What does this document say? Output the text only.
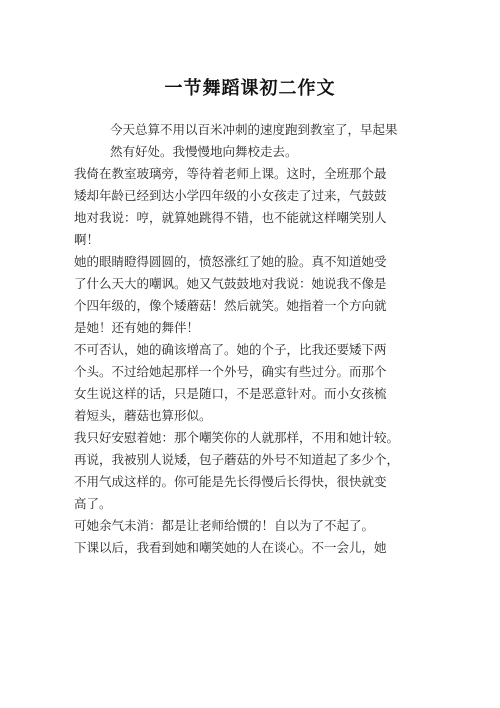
一节舞蹈课初二作文

今天总算不用以百米冲刺的速度跑到教室了，早起果
然有好处。我慢慢地向舞校走去。

我倚在教室玻璃旁，等待着老师上课。这时，全班那个最
矮却年龄已经到达小学四年级的小女孩走了过来，气鼓鼓
地对我说：哼，就算她跳得不错，也不能就这样嘲笑别人
啊！

她的眼睛瞪得圆圆的，愤怒涨红了她的脸。真不知道她受
了什么天大的嘲讽。她又气鼓鼓地对我说：她说我不像是
个四年级的，像个矮蘑菇！然后就笑。她指着一个方向就
是她！还有她的舞伴！

不可否认，她的确该增高了。她的个子，比我还要矮下两
个头。不过给她起那样一个外号，确实有些过分。而那个
女生说这样的话，只是随口，不是恶意针对。而小女孩梳
着短头，蘑菇也算形似。

我只好安慰着她：那个嘲笑你的人就那样，不用和她计较。
再说，我被别人说矮，包子蘑菇的外号不知道起了多少个，
不用气成这样的。你可能是先长得慢后长得快，很快就变
高了。

可她余气未消：都是让老师给惯的！自以为了不起了。

下课以后，我看到她和嘲笑她的人在谈心。不一会儿，她
